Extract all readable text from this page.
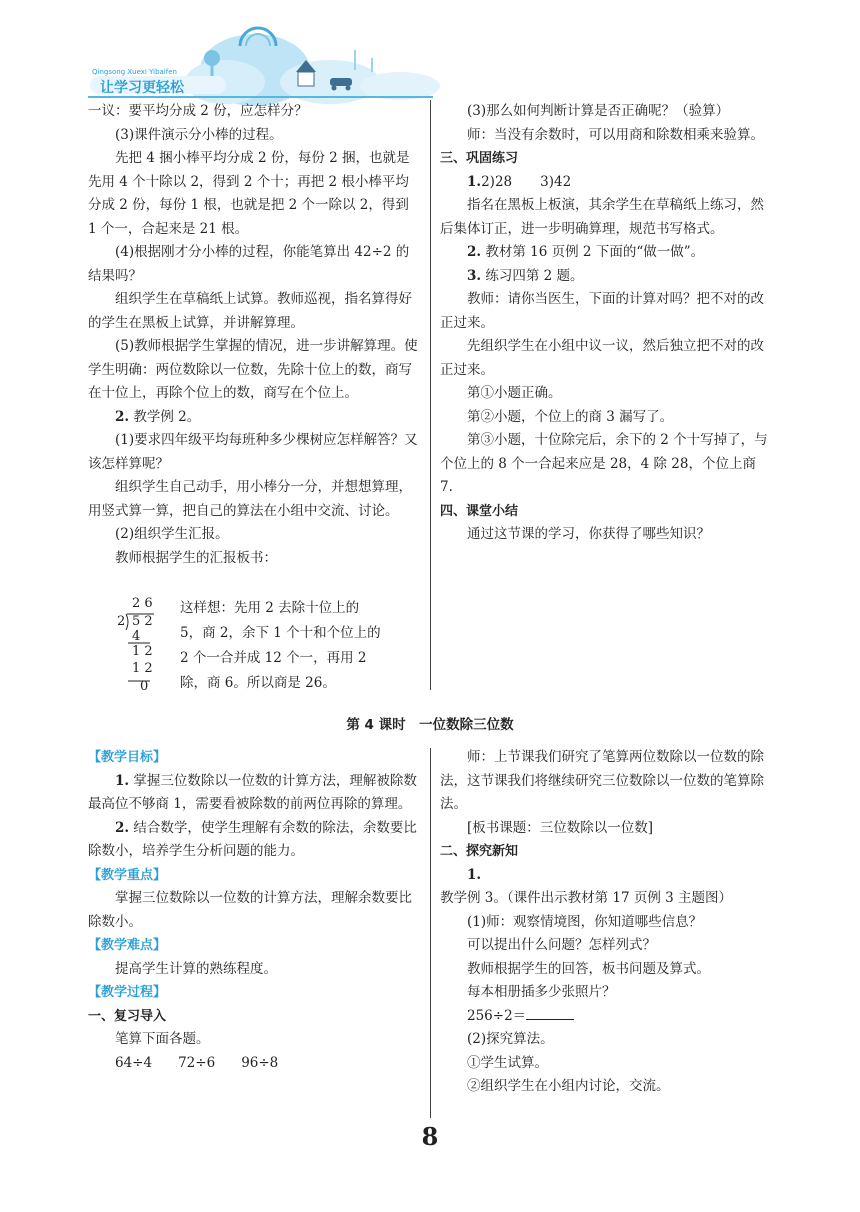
Qingsong Xuexi Yibaifen
让学习更轻松

一议：要平均分成 2 份，应怎样分？

(3)课件演示分小棒的过程。

先把 4 捆小棒平均分成 2 份，每份 2 捆，也就是先用 4 个十除以 2，得到 2 个十；再把 2 根小棒平均分成 2 份，每份 1 根，也就是把 2 个一除以 2，得到 1 个一，合起来是 21 根。

(4)根据刚才分小棒的过程，你能笔算出 42÷2 的结果吗？

组织学生在草稿纸上试算。教师巡视，指名算得好的学生在黑板上试算，并讲解算理。

(5)教师根据学生掌握的情况，进一步讲解算理。使学生明确：两位数除以一位数，先除十位上的数，商写在十位上，再除个位上的数，商写在个位上。

2. 教学例 2。

(1)要求四年级平均每班种多少棵树应怎样解答？又该怎样算呢？

组织学生自己动手，用小棒分一分，并想想算理，用竖式算一算，把自己的算法在小组中交流、讨论。

(2)组织学生汇报。

教师根据学生的汇报板书：

2 6
2 5 2
4
1 2
1 2
0
这样想：先用 2 去除十位上的
5，商 2，余下 1 个十和个位上的
2 个一合并成 12 个一，再用 2
除，商 6。所以商是 26。

(3)那么如何判断计算是否正确呢？（验算）

师：当没有余数时，可以用商和除数相乘来验算。

三、巩固练习

1.2)28 3)42

指名在黑板上板演，其余学生在草稿纸上练习，然后集体订正，进一步明确算理，规范书写格式。

2. 教材第 16 页例 2 下面的“做一做”。

3. 练习四第 2 题。

教师：请你当医生，下面的计算对吗？把不对的改正过来。

先组织学生在小组中议一议，然后独立把不对的改正过来。

第①小题正确。

第②小题，个位上的商 3 漏写了。

第③小题，十位除完后，余下的 2 个十写掉了，与个位上的 8 个一合起来应是 28，4 除 28，个位上商 7.

四、课堂小结

通过这节课的学习，你获得了哪些知识？

第 4 课时　一位数除三位数

【教学目标】

1. 掌握三位数除以一位数的计算方法，理解被除数最高位不够商 1，需要看被除数的前两位再除的算理。

2. 结合数学，使学生理解有余数的除法，余数要比除数小，培养学生分析问题的能力。

【教学重点】

掌握三位数除以一位数的计算方法，理解余数要比除数小。

【教学难点】

提高学生计算的熟练程度。

【教学过程】

一、复习导入

笔算下面各题。

64÷4 72÷6 96÷8

师：上节课我们研究了笔算两位数除以一位数的除法，这节课我们将继续研究三位数除以一位数的笔算除法。

[板书课题：三位数除以一位数]

二、探究新知

1. 教学例 3。（课件出示教材第 17 页例 3 主题图）

(1)师：观察情境图，你知道哪些信息？

可以提出什么问题？怎样列式？

教师根据学生的回答，板书问题及算式。

每本相册插多少张照片？

256÷2＝

(2)探究算法。

①学生试算。

②组织学生在小组内讨论，交流。

8
